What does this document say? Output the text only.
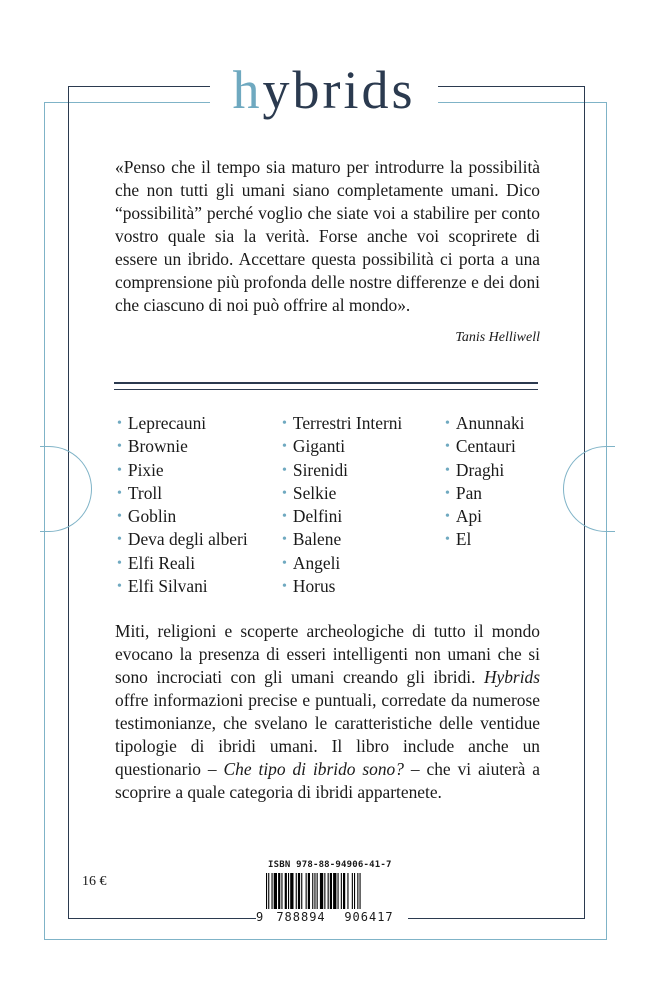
hybrids
«Penso che il tempo sia maturo per introdurre la possibilità che non tutti gli umani siano completamente umani. Dico “possibilità” perché voglio che siate voi a stabilire per conto vostro quale sia la verità. Forse anche voi scoprirete di essere un ibrido. Accettare questa possibilità ci porta a una comprensione più profonda delle nostre differenze e dei doni che ciascuno di noi può offrire al mondo».
Tanis Helliwell
• Leprecauni
• Brownie
• Pixie
• Troll
• Goblin
• Deva degli alberi
• Elfi Reali
• Elfi Silvani
• Terrestri Interni
• Giganti
• Sirenidi
• Selkie
• Delfini
• Balene
• Angeli
• Horus
• Anunnaki
• Centauri
• Draghi
• Pan
• Api
• El
Miti, religioni e scoperte archeologiche di tutto il mondo evocano la presenza di esseri intelligenti non umani che si sono incrociati con gli umani creando gli ibridi. Hybrids offre informazioni precise e puntuali, corredate da numerose testimonianze, che svelano le caratteristiche delle ventidue tipologie di ibridi umani. Il libro include anche un questionario – Che tipo di ibrido sono? – che vi aiuterà a scoprire a quale categoria di ibridi appartenete.
16 €
ISBN 978-88-94906-41-7
9	788894	906417
